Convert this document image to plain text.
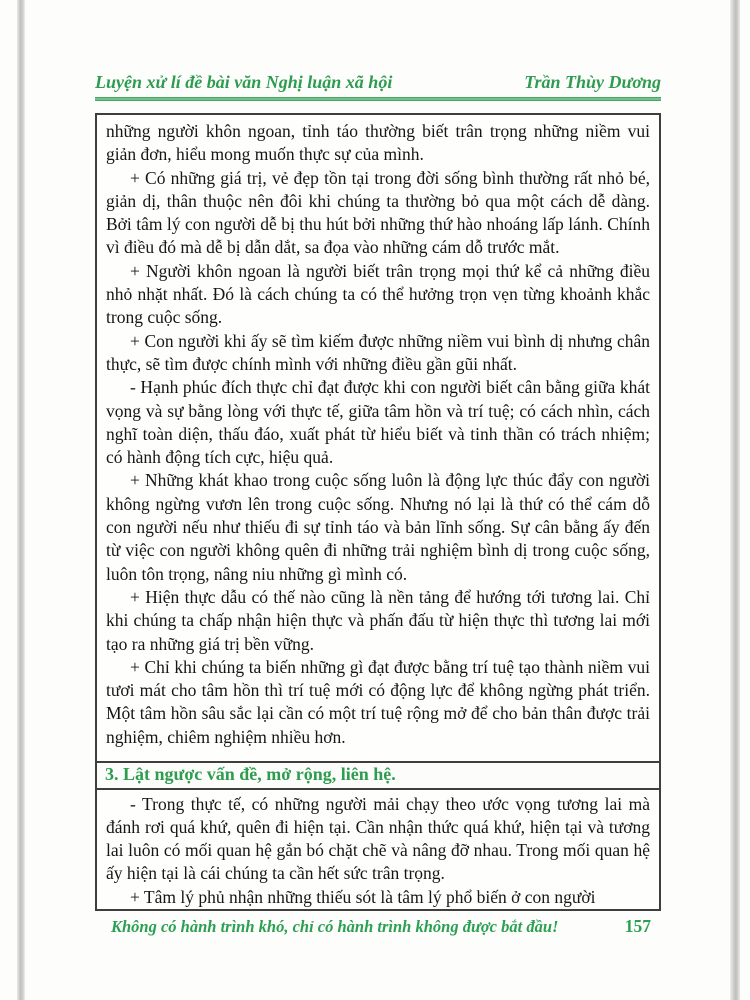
Luyện xử lí đề bài văn Nghị luận xã hội	Trần Thùy Dương

những người khôn ngoan, tỉnh táo thường biết trân trọng những niềm vui giản đơn, hiểu mong muốn thực sự của mình.

+ Có những giá trị, vẻ đẹp tồn tại trong đời sống bình thường rất nhỏ bé, giản dị, thân thuộc nên đôi khi chúng ta thường bỏ qua một cách dễ dàng. Bởi tâm lý con người dễ bị thu hút bởi những thứ hào nhoáng lấp lánh. Chính vì điều đó mà dễ bị dẫn dắt, sa đọa vào những cám dỗ trước mắt.

+ Người khôn ngoan là người biết trân trọng mọi thứ kể cả những điều nhỏ nhặt nhất. Đó là cách chúng ta có thể hưởng trọn vẹn từng khoảnh khắc trong cuộc sống.

+ Con người khi ấy sẽ tìm kiếm được những niềm vui bình dị nhưng chân thực, sẽ tìm được chính mình với những điều gần gũi nhất.

- Hạnh phúc đích thực chỉ đạt được khi con người biết cân bằng giữa khát vọng và sự bằng lòng với thực tế, giữa tâm hồn và trí tuệ; có cách nhìn, cách nghĩ toàn diện, thấu đáo, xuất phát từ hiểu biết và tinh thần có trách nhiệm; có hành động tích cực, hiệu quả.

+ Những khát khao trong cuộc sống luôn là động lực thúc đẩy con người không ngừng vươn lên trong cuộc sống. Nhưng nó lại là thứ có thể cám dỗ con người nếu như thiếu đi sự tỉnh táo và bản lĩnh sống. Sự cân bằng ấy đến từ việc con người không quên đi những trải nghiệm bình dị trong cuộc sống, luôn tôn trọng, nâng niu những gì mình có.

+ Hiện thực dẫu có thế nào cũng là nền tảng để hướng tới tương lai. Chỉ khi chúng ta chấp nhận hiện thực và phấn đấu từ hiện thực thì tương lai mới tạo ra những giá trị bền vững.

+ Chỉ khi chúng ta biến những gì đạt được bằng trí tuệ tạo thành niềm vui tươi mát cho tâm hồn thì trí tuệ mới có động lực để không ngừng phát triển. Một tâm hồn sâu sắc lại cần có một trí tuệ rộng mở để cho bản thân được trải nghiệm, chiêm nghiệm nhiều hơn.

3. Lật ngược vấn đề, mở rộng, liên hệ.

- Trong thực tế, có những người mải chạy theo ước vọng tương lai mà đánh rơi quá khứ, quên đi hiện tại. Cần nhận thức quá khứ, hiện tại và tương lai luôn có mối quan hệ gắn bó chặt chẽ và nâng đỡ nhau. Trong mối quan hệ ấy hiện tại là cái chúng ta cần hết sức trân trọng.

+ Tâm lý phủ nhận những thiếu sót là tâm lý phổ biến ở con người

Không có hành trình khó, chỉ có hành trình không được bắt đầu!	157
